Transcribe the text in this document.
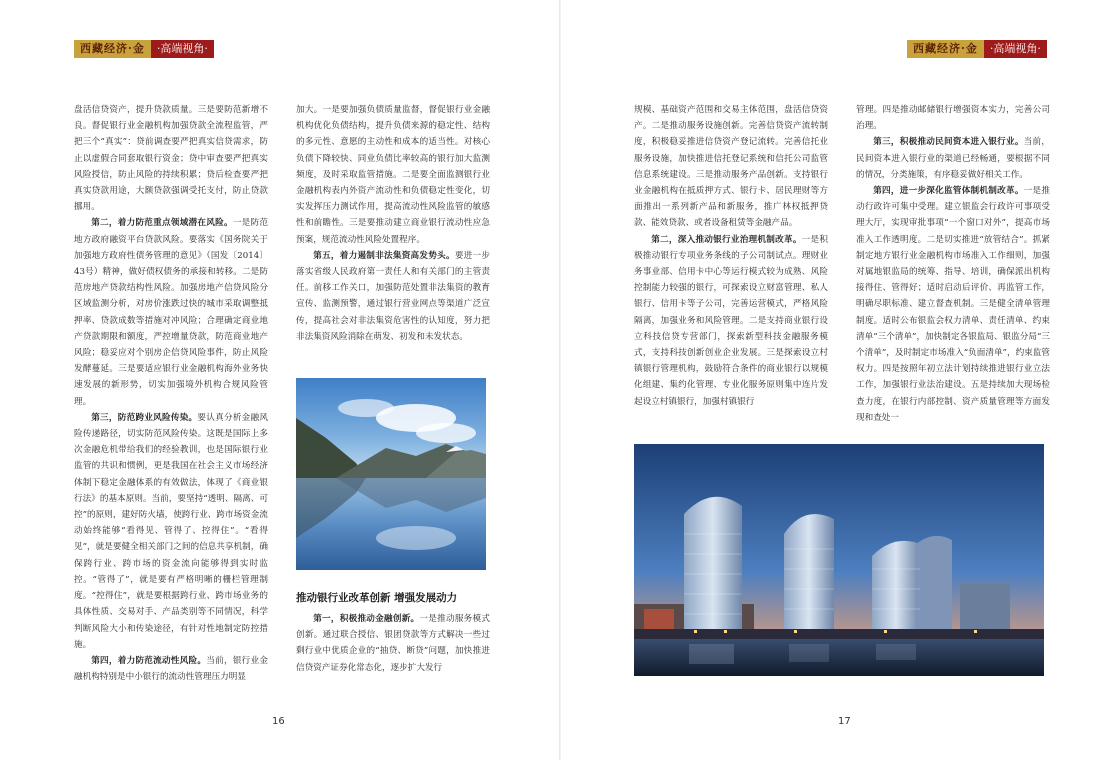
西藏经济·金	·高端视角·	西藏经济·金	·高端视角·

盘活信贷资产，提升贷款质量。三是要防范新增不良。督促银行业金融机构加强贷款全流程监管，严把三个“真实”：贷前调查要严把真实信贷需求，防止以虚假合同套取银行资金；贷中审查要严把真实风险授信，防止风险的持续积累；贷后检查要严把真实贷款用途，大额贷款强调受托支付，防止贷款挪用。

第二，着力防范重点领域潜在风险。一是防范地方政府融资平台贷款风险。要落实《国务院关于加强地方政府性债务管理的意见》（国发〔2014〕43号）精神，做好债权债务的承接和转移。二是防范房地产贷款结构性风险。加强房地产信贷风险分区域监测分析，对房价涨跌过快的城市采取调整抵押率、贷款成数等措施对冲风险；合理确定商业地产贷款期限和额度，严控增量贷款，防范商业地产风险；稳妥应对个别房企信贷风险事件，防止风险发酵蔓延。三是要适应银行业金融机构海外业务快速发展的新形势，切实加强境外机构合规风险管理。

第三，防范跨业风险传染。要认真分析金融风险传递路径，切实防范风险传染。这既是国际上多次金融危机带给我们的经验教训，也是国际银行业监管的共识和惯例，更是我国在社会主义市场经济体制下稳定金融体系的有效做法，体现了《商业银行法》的基本原则。当前，要坚持“透明、隔离、可控”的原则，建好防火墙，使跨行业、跨市场资金流动始终能够“看得见、管得了、控得住”。“看得见”，就是要健全相关部门之间的信息共享机制，确保跨行业、跨市场的资金流向能够得到实时监控。“管得了”，就是要有严格明晰的栅栏管理制度。“控得住”，就是要根据跨行业、跨市场业务的具体性质、交易对手、产品类别等不同情况，科学判断风险大小和传染途径，有针对性地制定防控措施。

第四，着力防范流动性风险。当前，银行业金融机构特别是中小银行的流动性管理压力明显

加大。一是要加强负债质量监督，督促银行业金融机构优化负债结构，提升负债来源的稳定性、结构的多元性、意愿的主动性和成本的适当性。对核心负债下降较快、同业负债比率较高的银行加大监测频度，及时采取监管措施。二是要全面监测银行业金融机构表内外资产流动性和负债稳定性变化，切实发挥压力测试作用，提高流动性风险监管的敏感性和前瞻性。三是要推动建立商业银行流动性应急预案，规范流动性风险处置程序。

第五，着力遏制非法集资高发势头。要进一步落实省级人民政府第一责任人和有关部门的主管责任。前移工作关口，加强防范处置非法集资的教育宣传、监测预警，通过银行营业网点等渠道广泛宣传，提高社会对非法集资危害性的认知度，努力把非法集资风险消除在萌发、初发和未发状态。

推动银行业改革创新 增强发展动力

第一，积极推动金融创新。一是推动服务模式创新。通过联合授信、银团贷款等方式解决一些过剩行业中优质企业的“抽贷、断贷”问题，加快推进信贷资产证券化常态化，逐步扩大发行

规模、基础资产范围和交易主体范围，盘活信贷资产。二是推动服务设施创新。完善信贷资产流转制度，积极稳妥推进信贷资产登记流转。完善信托业服务设施，加快推进信托登记系统和信托公司监管信息系统建设。三是推动服务产品创新。支持银行业金融机构在抵质押方式、银行卡、居民理财等方面推出一系列新产品和新服务，推广林权抵押贷款、能效贷款、或者设备租赁等金融产品。

第二，深入推动银行业治理机制改革。一是积极推动银行专项业务条线的子公司制试点。理财业务事业部、信用卡中心等运行模式较为成熟、风险控制能力较强的银行，可探索设立财富管理、私人银行、信用卡等子公司，完善运营模式，严格风险隔离，加强业务和风险管理。二是支持商业银行设立科技信贷专营部门，探索新型科技金融服务模式，支持科技创新创业企业发展。三是探索设立村镇银行管理机构，鼓励符合条件的商业银行以规模化组建、集约化管理、专业化服务原则集中连片发起设立村镇银行，加强村镇银行

管理。四是推动邮储银行增强资本实力，完善公司治理。

第三，积极推动民间资本进入银行业。当前，民间资本进入银行业的渠道已经畅通，要根据不同的情况，分类施策，有序稳妥做好相关工作。

第四，进一步深化监管体制机制改革。一是推动行政许可集中受理。建立银监会行政许可事项受理大厅，实现审批事项“一个窗口对外”，提高市场准入工作透明度。二是切实推进“放管结合”。抓紧制定地方银行业金融机构市场准入工作细则，加强对属地银监局的统筹、指导、培训，确保派出机构接得住、管得好；适时启动后评价、再监管工作，明确尽职标准、建立督查机制。三是健全清单管理制度。适时公布银监会权力清单、责任清单、约束清单“三个清单”，加快制定各银监局、银监分局“三个清单”，及时制定市场准入“负面清单”，约束监管权力。四是按照年初立法计划持续推进银行业立法工作，加强银行业法治建设。五是持续加大现场检查力度，在银行内部控制、资产质量管理等方面发现和查处一

16	17
